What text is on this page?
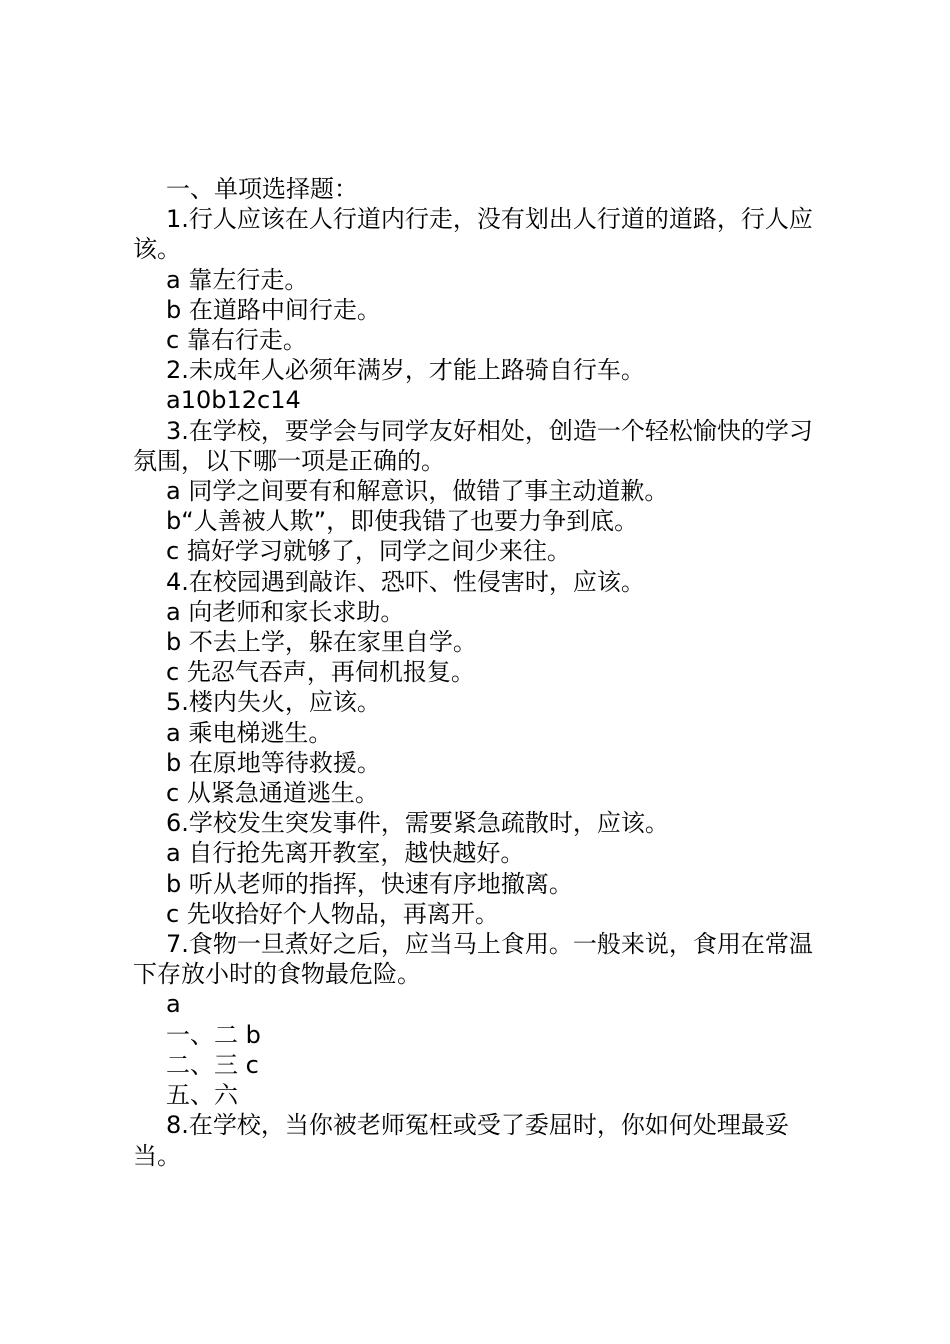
一、单项选择题：

1.行人应该在人行道内行走，没有划出人行道的道路，行人应该。

a 靠左行走。

b 在道路中间行走。

c 靠右行走。

2.未成年人必须年满岁，才能上路骑自行车。

a10b12c14

3.在学校，要学会与同学友好相处，创造一个轻松愉快的学习氛围，以下哪一项是正确的。

a 同学之间要有和解意识，做错了事主动道歉。

b“人善被人欺”，即使我错了也要力争到底。

c 搞好学习就够了，同学之间少来往。

4.在校园遇到敲诈、恐吓、性侵害时，应该。

a 向老师和家长求助。

b 不去上学，躲在家里自学。

c 先忍气吞声，再伺机报复。

5.楼内失火，应该。

a 乘电梯逃生。

b 在原地等待救援。

c 从紧急通道逃生。

6.学校发生突发事件，需要紧急疏散时，应该。

a 自行抢先离开教室，越快越好。

b 听从老师的指挥，快速有序地撤离。

c 先收拾好个人物品，再离开。

7.食物一旦煮好之后，应当马上食用。一般来说，食用在常温下存放小时的食物最危险。

a

一、二 b

二、三 c

五、六

8.在学校，当你被老师冤枉或受了委屈时，你如何处理最妥当。
